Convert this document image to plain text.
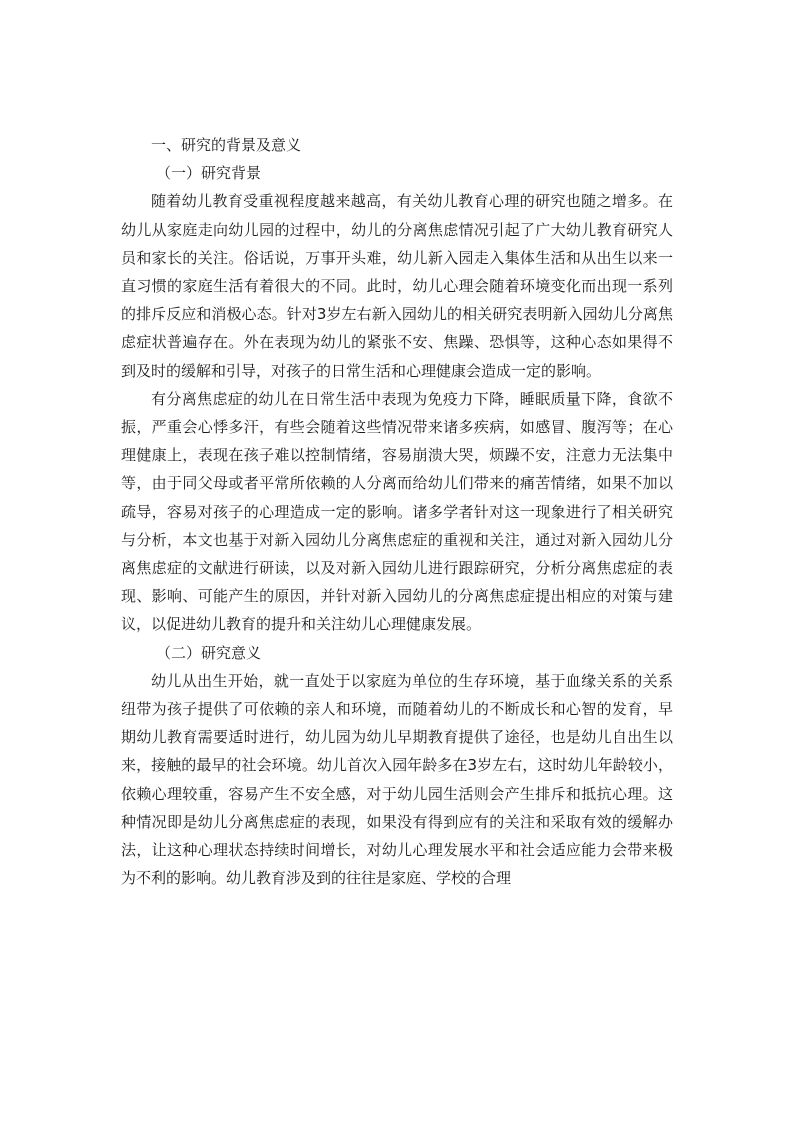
一、研究的背景及意义

（一）研究背景

随着幼儿教育受重视程度越来越高，有关幼儿教育心理的研究也随之增多。在幼儿从家庭走向幼儿园的过程中，幼儿的分离焦虑情况引起了广大幼儿教育研究人员和家长的关注。俗话说，万事开头难，幼儿新入园走入集体生活和从出生以来一直习惯的家庭生活有着很大的不同。此时，幼儿心理会随着环境变化而出现一系列的排斥反应和消极心态。针对3岁左右新入园幼儿的相关研究表明新入园幼儿分离焦虑症状普遍存在。外在表现为幼儿的紧张不安、焦躁、恐惧等，这种心态如果得不到及时的缓解和引导，对孩子的日常生活和心理健康会造成一定的影响。

有分离焦虑症的幼儿在日常生活中表现为免疫力下降，睡眠质量下降，食欲不振，严重会心悸多汗，有些会随着这些情况带来诸多疾病，如感冒、腹泻等；在心理健康上，表现在孩子难以控制情绪，容易崩溃大哭，烦躁不安，注意力无法集中等，由于同父母或者平常所依赖的人分离而给幼儿们带来的痛苦情绪，如果不加以疏导，容易对孩子的心理造成一定的影响。诸多学者针对这一现象进行了相关研究与分析，本文也基于对新入园幼儿分离焦虑症的重视和关注，通过对新入园幼儿分离焦虑症的文献进行研读，以及对新入园幼儿进行跟踪研究，分析分离焦虑症的表现、影响、可能产生的原因，并针对新入园幼儿的分离焦虑症提出相应的对策与建议，以促进幼儿教育的提升和关注幼儿心理健康发展。

（二）研究意义

幼儿从出生开始，就一直处于以家庭为单位的生存环境，基于血缘关系的关系纽带为孩子提供了可依赖的亲人和环境，而随着幼儿的不断成长和心智的发育，早期幼儿教育需要适时进行，幼儿园为幼儿早期教育提供了途径，也是幼儿自出生以来，接触的最早的社会环境。幼儿首次入园年龄多在3岁左右，这时幼儿年龄较小，依赖心理较重，容易产生不安全感，对于幼儿园生活则会产生排斥和抵抗心理。这种情况即是幼儿分离焦虑症的表现，如果没有得到应有的关注和采取有效的缓解办法，让这种心理状态持续时间增长，对幼儿心理发展水平和社会适应能力会带来极为不利的影响。幼儿教育涉及到的往往是家庭、学校的合理
